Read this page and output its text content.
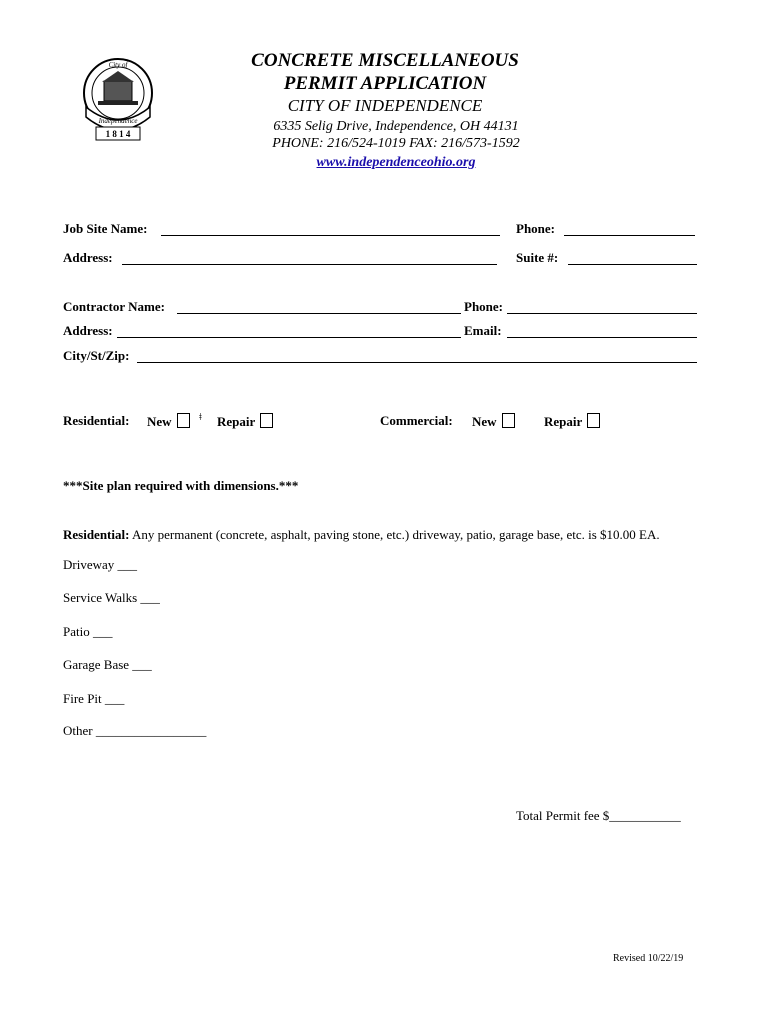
City of
Independence
1 8 1 4
CONCRETE MISCELLANEOUS
PERMIT APPLICATION
CITY OF INDEPENDENCE
6335 Selig Drive, Independence, OH 44131
PHONE: 216/524-1019 FAX: 216/573-1592
www.independenceohio.org
Job Site Name:	Phone:
Address:	Suite #:
Contractor Name:	Phone:
Address:	Email:
City/St/Zip:
Residential: New	ǂ Repair	Commercial: New	Repair
***Site plan required with dimensions.***
Residential: Any permanent (concrete, asphalt, paving stone, etc.) driveway, patio, garage base, etc. is $10.00 EA.
Driveway ___
Service Walks ___
Patio ___
Garage Base ___
Fire Pit ___
Other _________________
Total Permit fee $___________
Revised 10/22/19
